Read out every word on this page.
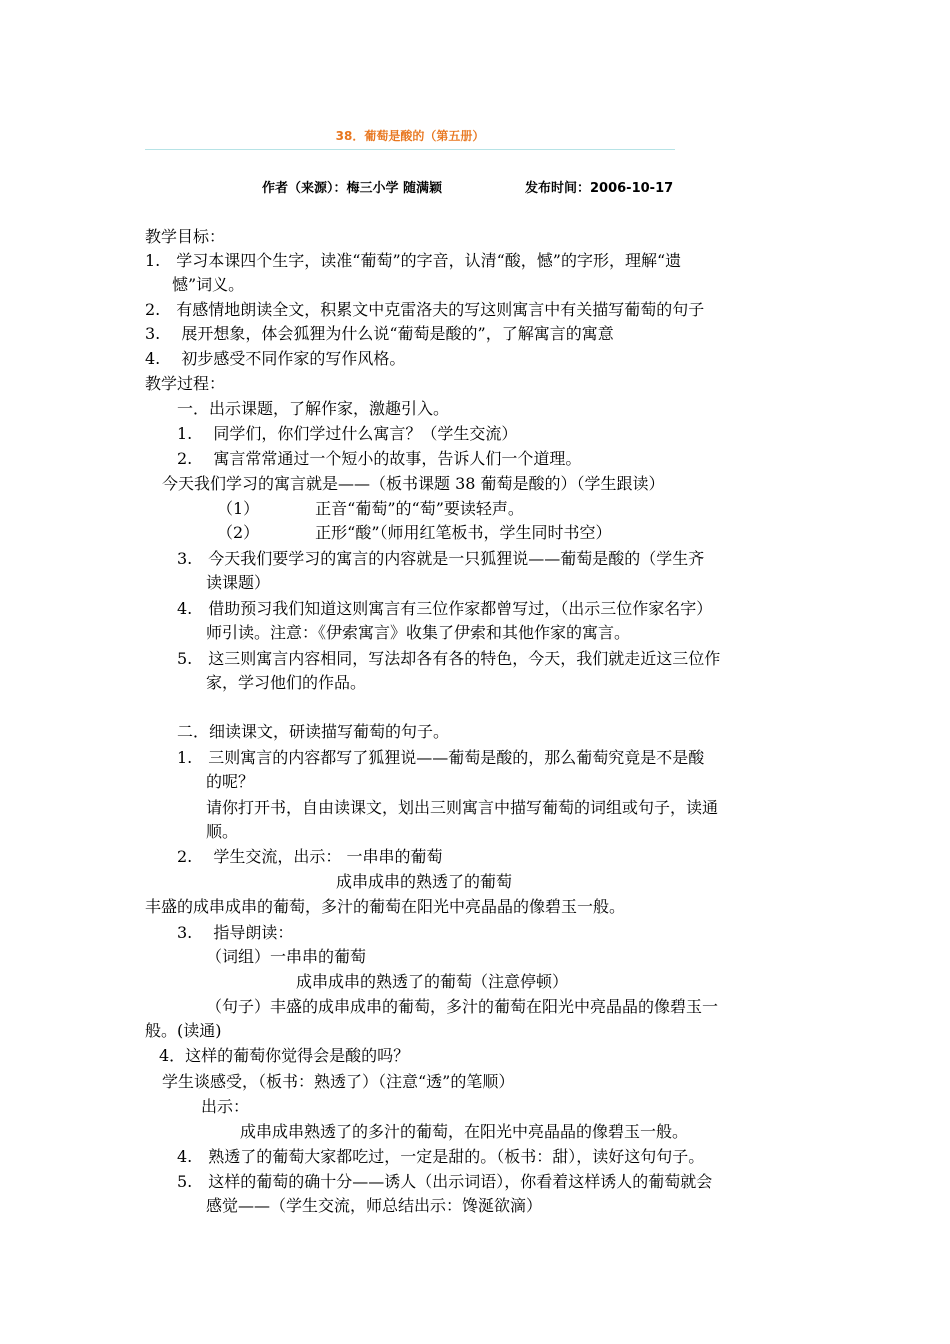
38．葡萄是酸的（第五册）
作者（来源）：梅三小学 随满颖	发布时间：2006-10-17
教学目标：
1.　学习本课四个生字，读准“葡萄”的字音，认清“酸，憾”的字形，理解“遗
憾”词义。
2.　有感情地朗读全文，积累文中克雷洛夫的写这则寓言中有关描写葡萄的句子
3.　 展开想象，体会狐狸为什么说“葡萄是酸的”，了解寓言的寓意
4.　 初步感受不同作家的写作风格。
教学过程：
一．出示课题，了解作家，激趣引入。
1.　 同学们，你们学过什么寓言？（学生交流）
2.　 寓言常常通过一个短小的故事，告诉人们一个道理。
今天我们学习的寓言就是——（板书课题 38 葡萄是酸的）（学生跟读）
（1）　　　　正音“葡萄”的“萄”要读轻声。
（2）　　　　正形“酸”（师用红笔板书，学生同时书空）
3.　今天我们要学习的寓言的内容就是一只狐狸说——葡萄是酸的（学生齐
读课题）
4.　借助预习我们知道这则寓言有三位作家都曾写过，（出示三位作家名字）
师引读。注意：《伊索寓言》收集了伊索和其他作家的寓言。
5.　这三则寓言内容相同，写法却各有各的特色，今天，我们就走近这三位作
家，学习他们的作品。
二．细读课文，研读描写葡萄的句子。
1.　三则寓言的内容都写了狐狸说——葡萄是酸的，那么葡萄究竟是不是酸
的呢？
请你打开书，自由读课文，划出三则寓言中描写葡萄的词组或句子，读通
顺。
2.　 学生交流，出示： 一串串的葡萄
成串成串的熟透了的葡萄
丰盛的成串成串的葡萄，多汁的葡萄在阳光中亮晶晶的像碧玉一般。
3.　 指导朗读：
（词组）一串串的葡萄
成串成串的熟透了的葡萄（注意停顿）
（句子）丰盛的成串成串的葡萄，多汁的葡萄在阳光中亮晶晶的像碧玉一
般。(读通)
4．这样的葡萄你觉得会是酸的吗？
学生谈感受，（板书：熟透了）（注意“透”的笔顺）
出示：
成串成串熟透了的多汁的葡萄，在阳光中亮晶晶的像碧玉一般。
4.　熟透了的葡萄大家都吃过，一定是甜的。（板书：甜），读好这句句子。
5.　这样的葡萄的确十分——诱人（出示词语），你看着这样诱人的葡萄就会
感觉——（学生交流，师总结出示：馋涎欲滴）
